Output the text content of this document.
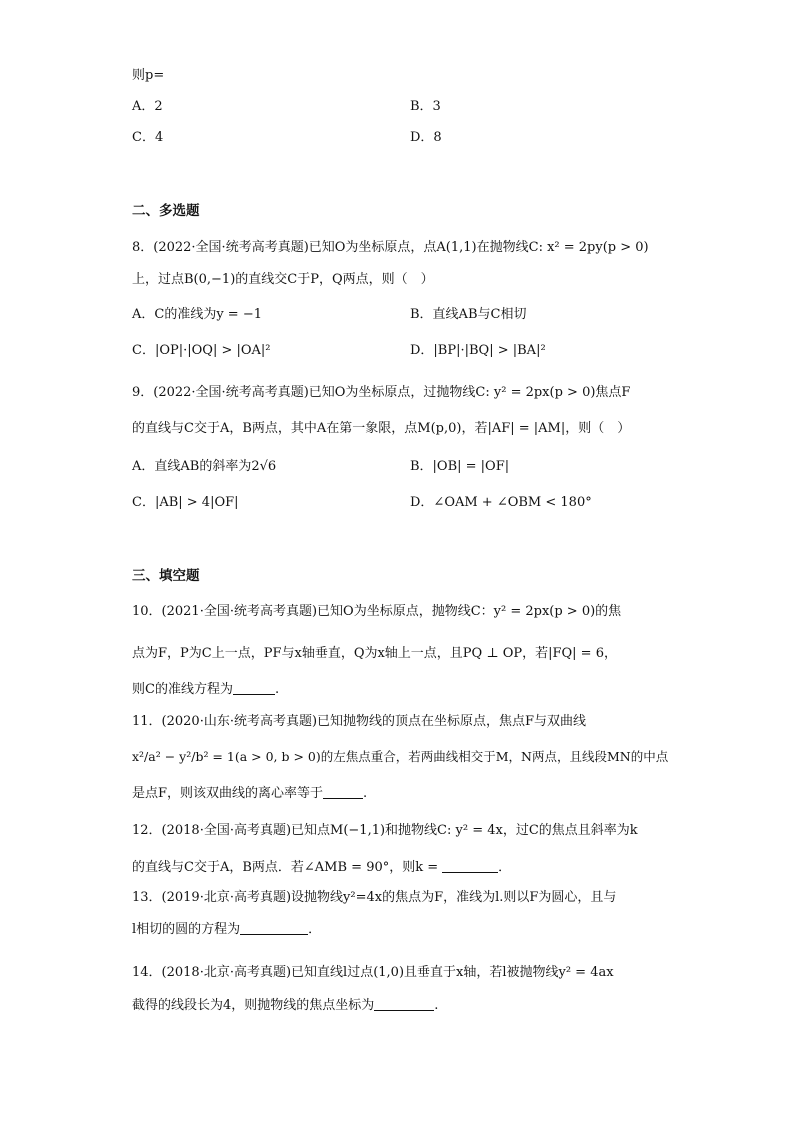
则p=
A．2	B．3
C．4	D．8
二、多选题
8．(2022·全国·统考高考真题)已知O为坐标原点，点A(1,1)在抛物线C: x² = 2py(p > 0)
上，过点B(0,−1)的直线交C于P，Q两点，则（　）
A．C的准线为y = −1	B．直线AB与C相切
C．|OP|·|OQ| > |OA|²	D．|BP|·|BQ| > |BA|²
9．(2022·全国·统考高考真题)已知O为坐标原点，过抛物线C: y² = 2px(p > 0)焦点F
的直线与C交于A，B两点，其中A在第一象限，点M(p,0)，若|AF| = |AM|，则（　）
A．直线AB的斜率为2√6	B．|OB| = |OF|
C．|AB| > 4|OF|	D．∠OAM + ∠OBM < 180°
三、填空题
10．(2021·全国·统考高考真题)已知O为坐标原点，抛物线C：y² = 2px(p > 0)的焦
点为F，P为C上一点，PF与x轴垂直，Q为x轴上一点，且PQ ⊥ OP，若|FQ| = 6，
则C的准线方程为	.
11．(2020·山东·统考高考真题)已知抛物线的顶点在坐标原点，焦点F与双曲线
x²/a² − y²/b² = 1(a > 0, b > 0)的左焦点重合，若两曲线相交于M，N两点，且线段MN的中点
是点F，则该双曲线的离心率等于	.
12．(2018·全国·高考真题)已知点M(−1,1)和抛物线C: y² = 4x，过C的焦点且斜率为k
的直线与C交于A，B两点．若∠AMB = 90°，则k =	．
13．(2019·北京·高考真题)设抛物线y²=4x的焦点为F，准线为l.则以F为圆心，且与
l相切的圆的方程为	．
14．(2018·北京·高考真题)已知直线l过点(1,0)且垂直于x轴，若l被抛物线y² = 4ax
截得的线段长为4，则抛物线的焦点坐标为	.
